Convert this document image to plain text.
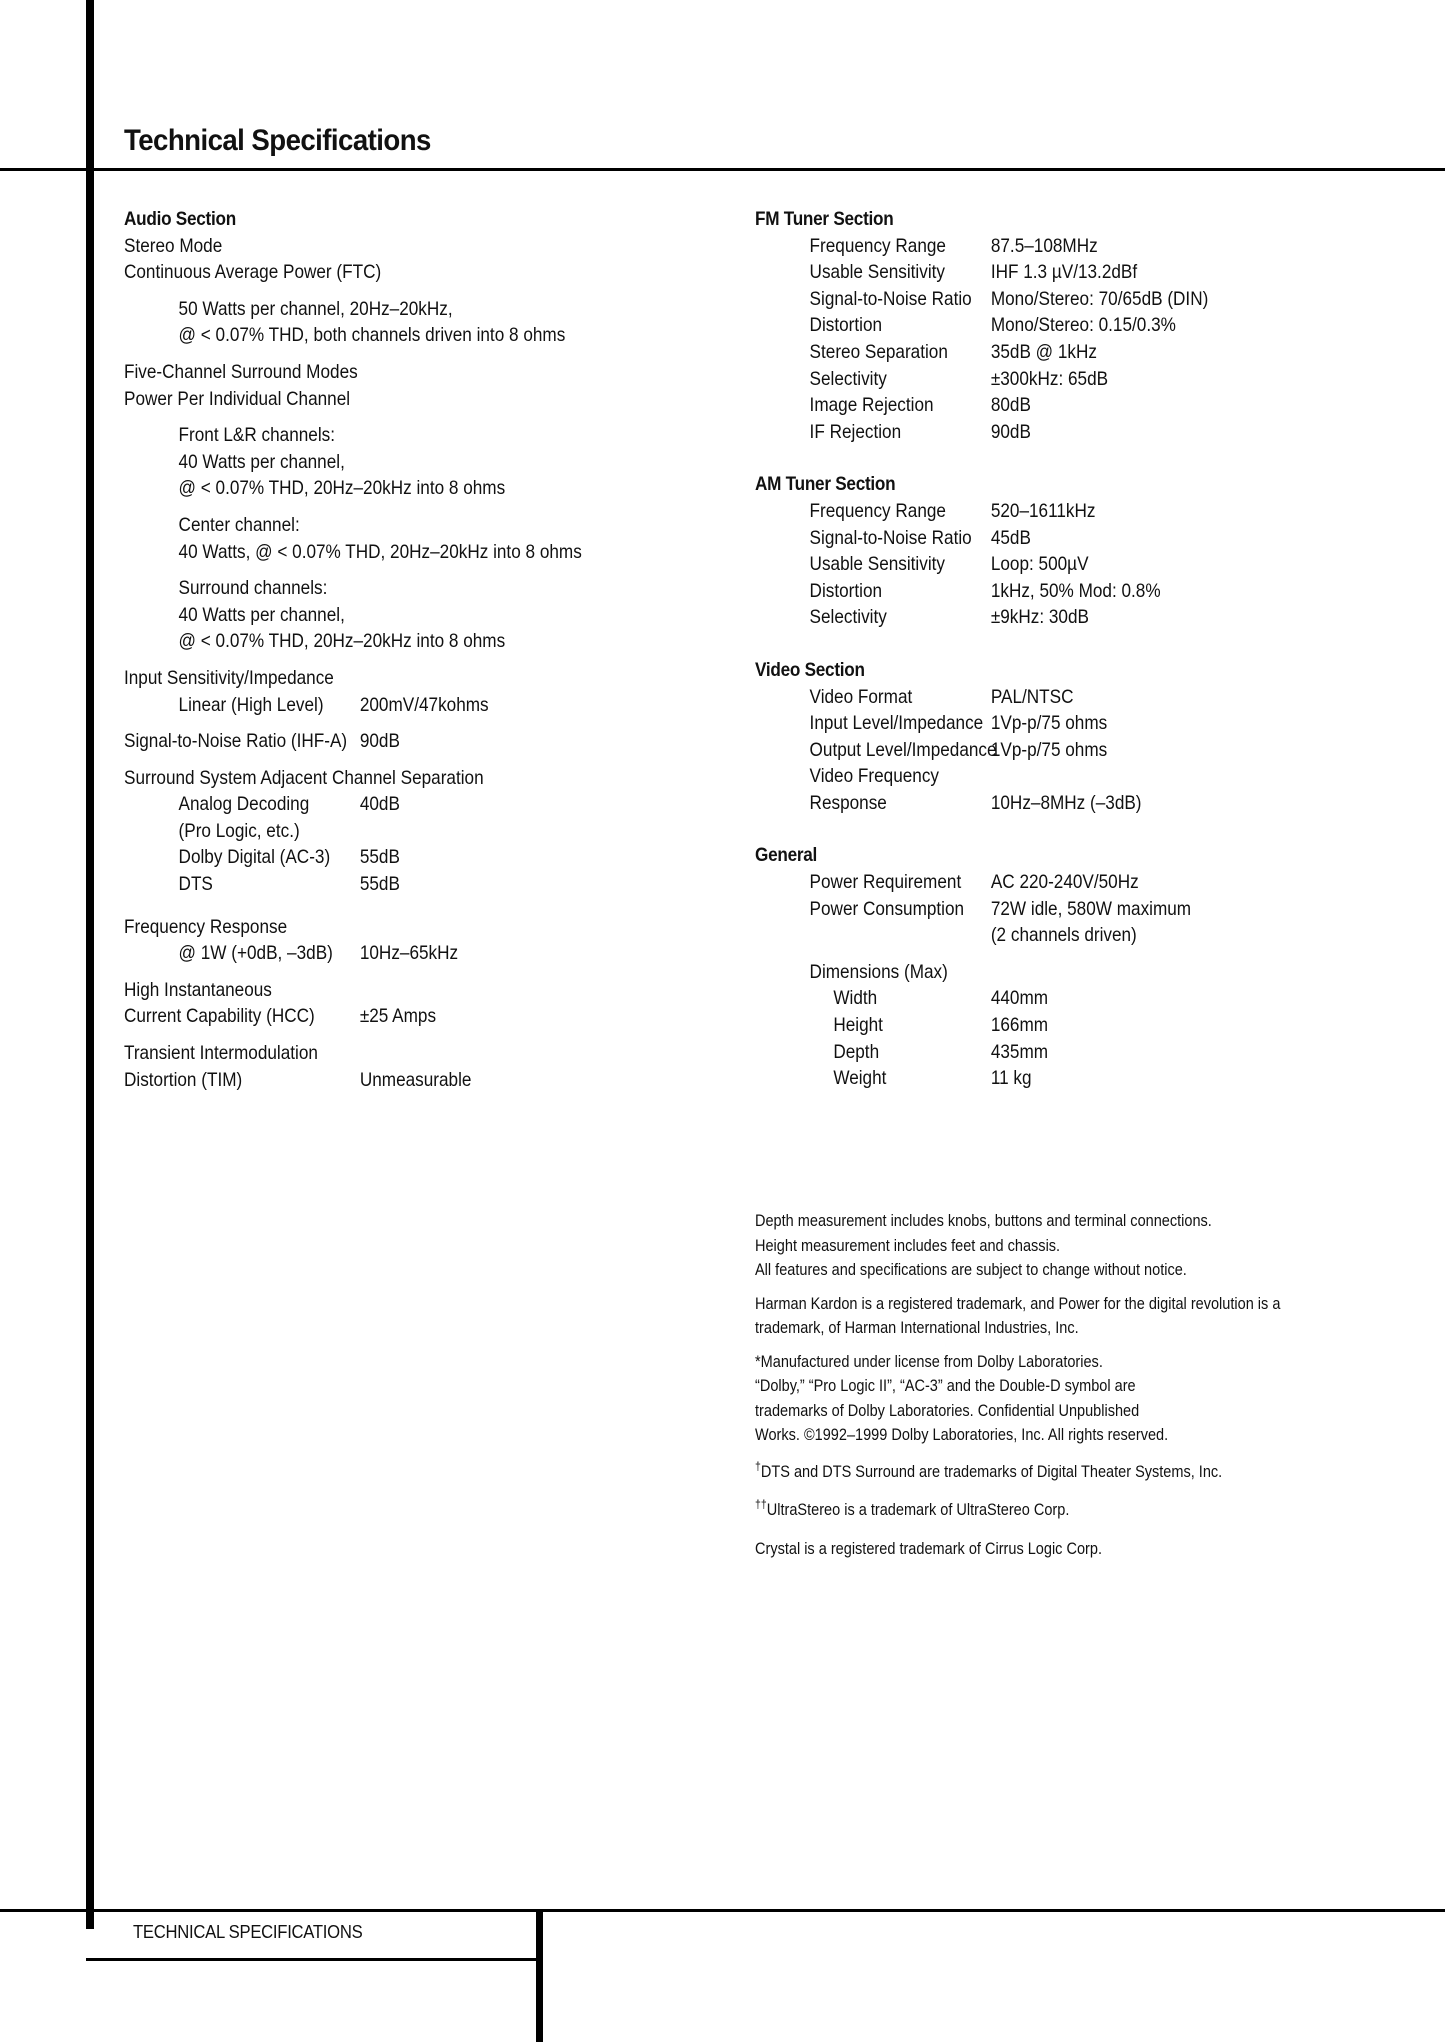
Technical Specifications
Audio Section
Stereo Mode
Continuous Average Power (FTC)
50 Watts per channel, 20Hz–20kHz,
@ < 0.07% THD, both channels driven into 8 ohms
Five-Channel Surround Modes
Power Per Individual Channel
Front L&R channels:
40 Watts per channel,
@ < 0.07% THD, 20Hz–20kHz into 8 ohms
Center channel:
40 Watts, @ < 0.07% THD, 20Hz–20kHz into 8 ohms
Surround channels:
40 Watts per channel,
@ < 0.07% THD, 20Hz–20kHz into 8 ohms
Input Sensitivity/Impedance
Linear (High Level) 200mV/47kohms
Signal-to-Noise Ratio (IHF-A) 90dB
Surround System Adjacent Channel Separation
Analog Decoding	40dB
(Pro Logic, etc.)
Dolby Digital (AC-3) 55dB
DTS	55dB
Frequency Response
@ 1W (+0dB, –3dB) 10Hz–65kHz
High Instantaneous
Current Capability (HCC) ±25 Amps
Transient Intermodulation
Distortion (TIM)	Unmeasurable
FM Tuner Section
Frequency Range 87.5–108MHz
Usable Sensitivity IHF 1.3 µV/13.2dBf
Signal-to-Noise Ratio Mono/Stereo: 70/65dB (DIN)
Distortion	Mono/Stereo: 0.15/0.3%
Stereo Separation 35dB @ 1kHz
Selectivity	±300kHz: 65dB
Image Rejection	80dB
IF Rejection	90dB
AM Tuner Section
Frequency Range 520–1611kHz
Signal-to-Noise Ratio 45dB
Usable Sensitivity Loop: 500µV
Distortion	1kHz, 50% Mod: 0.8%
Selectivity	±9kHz: 30dB
Video Section
Video Format	PAL/NTSC
Input Level/Impedance 1Vp-p/75 ohms
Output Level/Impedance
1Vp-p/75 ohms
Video Frequency
Response	10Hz–8MHz (–3dB)
General
Power Requirement AC 220-240V/50Hz
Power Consumption 72W idle, 580W maximum
(2 channels driven)
Dimensions (Max)
Width	440mm
Height	166mm
Depth	435mm
Weight	11 kg

Depth measurement includes knobs, buttons and terminal connections.
Height measurement includes feet and chassis.
All features and specifications are subject to change without notice.

Harman Kardon is a registered trademark, and Power for the digital revolution is a
trademark, of Harman International Industries, Inc.

*Manufactured under license from Dolby Laboratories.
“Dolby,” “Pro Logic II”, “AC-3” and the Double-D symbol are
trademarks of Dolby Laboratories. Confidential Unpublished
Works. ©1992–1999 Dolby Laboratories, Inc. All rights reserved.

†DTS and DTS Surround are trademarks of Digital Theater Systems, Inc.

††UltraStereo is a trademark of UltraStereo Corp.

Crystal is a registered trademark of Cirrus Logic Corp.

TECHNICAL SPECIFICATIONS
